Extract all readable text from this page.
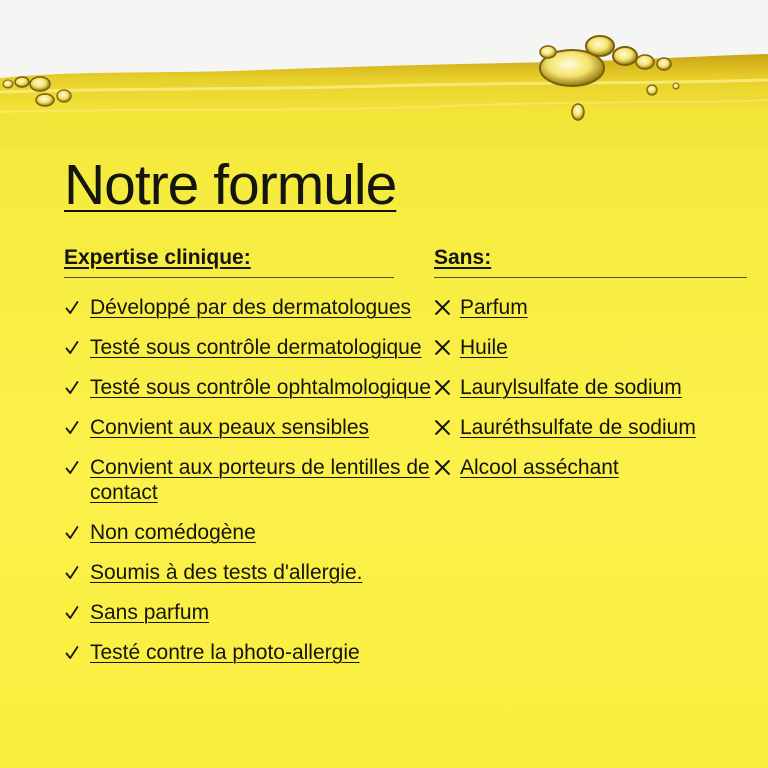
Notre formule
Expertise clinique:
Développé par des dermatologues
Testé sous contrôle dermatologique
Testé sous contrôle ophtalmologique
Convient aux peaux sensibles
Convient aux porteurs de lentilles de contact
Non comédogène
Soumis à des tests d'allergie.
Sans parfum
Testé contre la photo-allergie
Sans:
Parfum
Huile
Laurylsulfate de sodium
Lauréthsulfate de sodium
Alcool asséchant
